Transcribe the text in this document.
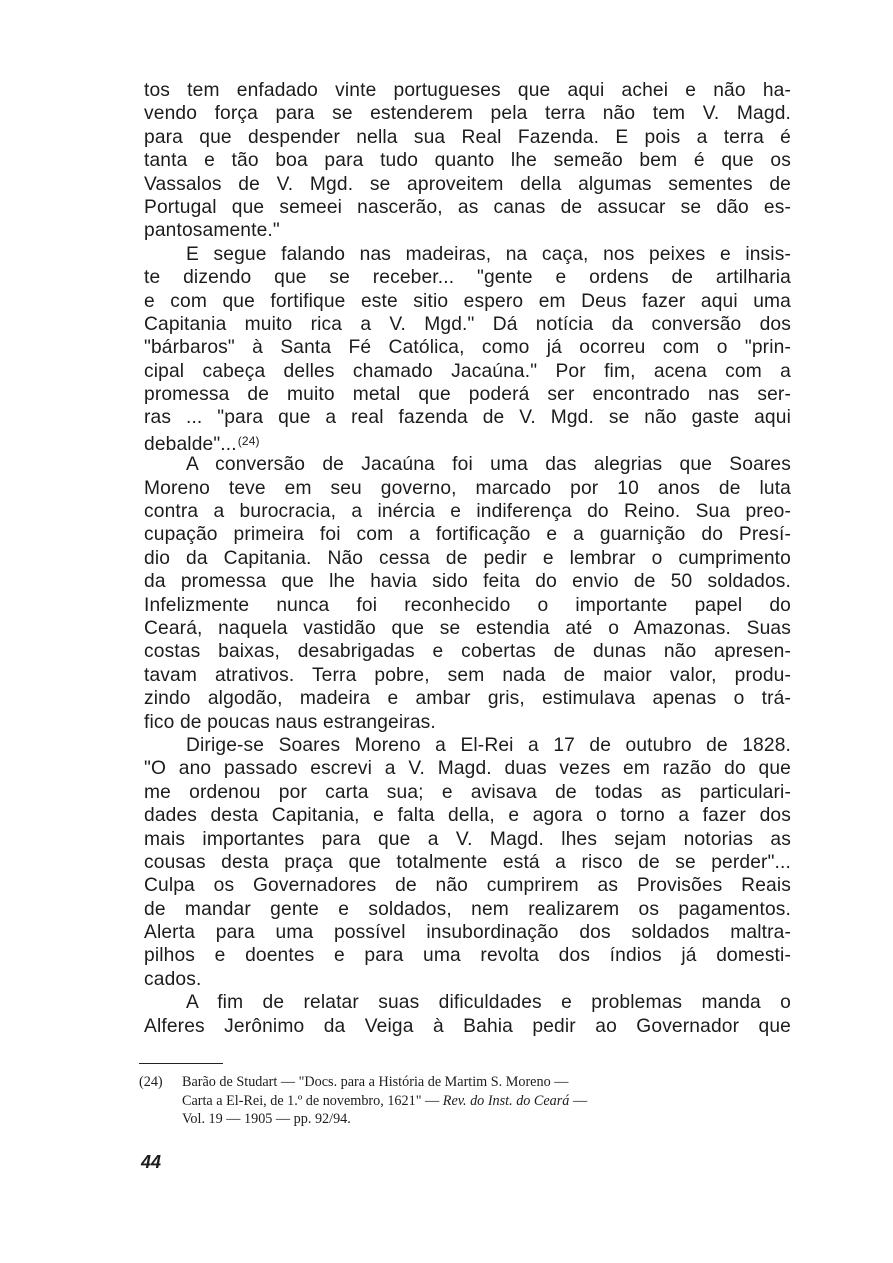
tos tem enfadado vinte portugueses que aqui achei e não ha-
vendo força para se estenderem pela terra não tem V. Magd.
para que despender nella sua Real Fazenda. E pois a terra é
tanta e tão boa para tudo quanto lhe semeão bem é que os
Vassalos de V. Mgd. se aproveitem della algumas sementes de
Portugal que semeei nascerão, as canas de assucar se dão es-
pantosamente."
E segue falando nas madeiras, na caça, nos peixes e insis-
te dizendo que se receber... "gente e ordens de artilharia
e com que fortifique este sitio espero em Deus fazer aqui uma
Capitania muito rica a V. Mgd." Dá notícia da conversão dos
"bárbaros" à Santa Fé Católica, como já ocorreu com o "prin-
cipal cabeça delles chamado Jacaúna." Por fim, acena com a
promessa de muito metal que poderá ser encontrado nas ser-
ras ... "para que a real fazenda de V. Mgd. se não gaste aqui
debalde"...$^{(24)}$
A conversão de Jacaúna foi uma das alegrias que Soares
Moreno teve em seu governo, marcado por 10 anos de luta
contra a burocracia, a inércia e indiferença do Reino. Sua preo-
cupação primeira foi com a fortificação e a guarnição do Presí-
dio da Capitania. Não cessa de pedir e lembrar o cumprimento
da promessa que lhe havia sido feita do envio de 50 soldados.
Infelizmente nunca foi reconhecido o importante papel do
Ceará, naquela vastidão que se estendia até o Amazonas. Suas
costas baixas, desabrigadas e cobertas de dunas não apresen-
tavam atrativos. Terra pobre, sem nada de maior valor, produ-
zindo algodão, madeira e ambar gris, estimulava apenas o trá-
fico de poucas naus estrangeiras.
Dirige-se Soares Moreno a El-Rei a 17 de outubro de 1828.
"O ano passado escrevi a V. Magd. duas vezes em razão do que
me ordenou por carta sua; e avisava de todas as particulari-
dades desta Capitania, e falta della, e agora o torno a fazer dos
mais importantes para que a V. Magd. lhes sejam notorias as
cousas desta praça que totalmente está a risco de se perder"...
Culpa os Governadores de não cumprirem as Provisões Reais
de mandar gente e soldados, nem realizarem os pagamentos.
Alerta para uma possível insubordinação dos soldados maltra-
pilhos e doentes e para uma revolta dos índios já domesti-
cados.
A fim de relatar suas dificuldades e problemas manda o
Alferes Jerônimo da Veiga à Bahia pedir ao Governador que
(24) Barão de Studart — "Docs. para a História de Martim S. Moreno —
Carta a El-Rei, de 1.º de novembro, 1621" — Rev. do Inst. do Ceará —
Vol. 19 — 1905 — pp. 92/94.
44
